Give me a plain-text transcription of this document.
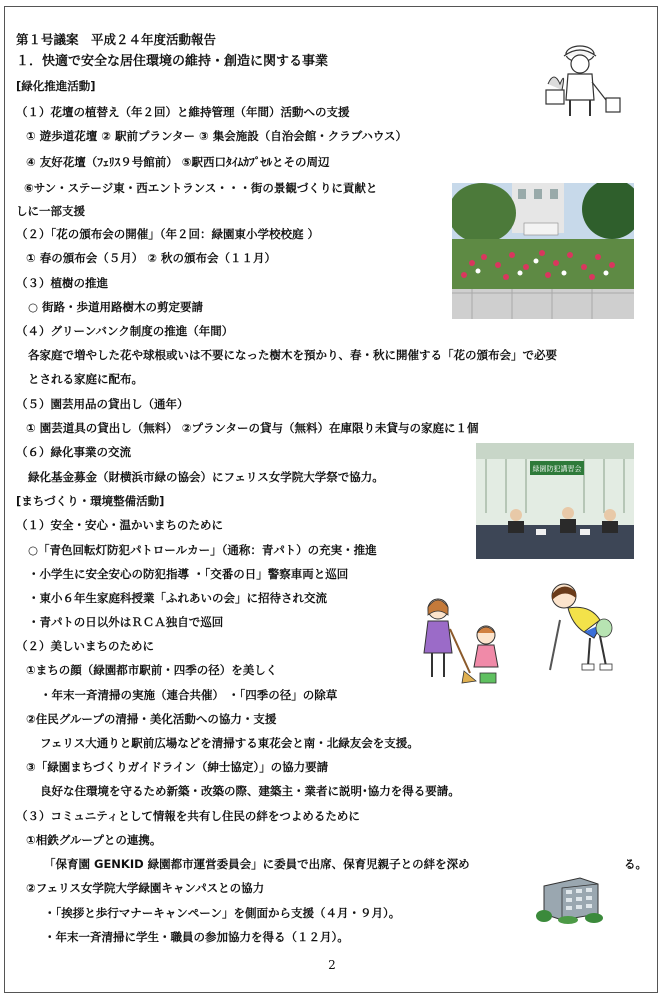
第１号議案　平成２４年度活動報告
１．快適で安全な居住環境の維持・創造に関する事業
[緑化推進活動]
（１）花壇の植替え（年２回）と維持管理（年間）活動への支援
① 遊歩道花壇 ② 駅前プランター ③ 集会施設（自治会館・クラブハウス）
④ 友好花壇（ﾌｪﾘｽ９号館前） ⑤駅西口ﾀｲﾑｶﾌﾟｾﾙとその周辺
⑥サン・ステージ東・西エントランス・・・街の景観づくりに貢献と
しに一部支援
（２）「花の頒布会の開催」（年２回：緑園東小学校校庭 ）
① 春の頒布会（５月） ② 秋の頒布会（１１月）
（３）植樹の推進
○ 街路・歩道用路樹木の剪定要請
（４）グリーンバンク制度の推進（年間）
各家庭で増やした花や球根或いは不要になった樹木を預かり、春・秋に開催する「花の頒布会」で必要
とされる家庭に配布。
（５）園芸用品の貸出し（通年）
① 園芸道具の貸出し（無料） ②プランターの貸与（無料）在庫限り未貸与の家庭に１個
（６）緑化事業の交流
緑化基金募金（財横浜市緑の協会）にフェリス女学院大学祭で協力。
[まちづくり・環境整備活動]
（１）安全・安心・温かいまちのために
○「青色回転灯防犯パトロールカー」（通称：青パト）の充実・推進
・小学生に安全安心の防犯指導 ・「交番の日」警察車両と巡回
・東小６年生家庭科授業「ふれあいの会」に招待され交流
・青パトの日以外はＲＣＡ独自で巡回
（２）美しいまちのために
①まちの顔（緑園都市駅前・四季の径）を美しく
・年末一斉清掃の実施（連合共催） ・「四季の径」の除草
②住民グループの清掃・美化活動への協力・支援
フェリス大通りと駅前広場などを清掃する東花会と南・北緑友会を支援。
③「緑園まちづくりガイドライン（紳士協定）」の協力要請
良好な住環境を守るため新築・改築の際、建築主・業者に説明･協力を得る要請。
（３）コミュニティとして情報を共有し住民の絆をつよめるために
①相鉄グループとの連携。
「保育園 GENKID 緑園都市運営委員会」に委員で出席、保育児親子との絆を深め	る。
②フェリス女学院大学緑園キャンパスとの協力
・「挨拶と歩行マナーキャンペーン」を側面から支援（４月・９月）。
・年末一斉清掃に学生・職員の参加協力を得る（１２月）。
緑園防犯講習会
2
